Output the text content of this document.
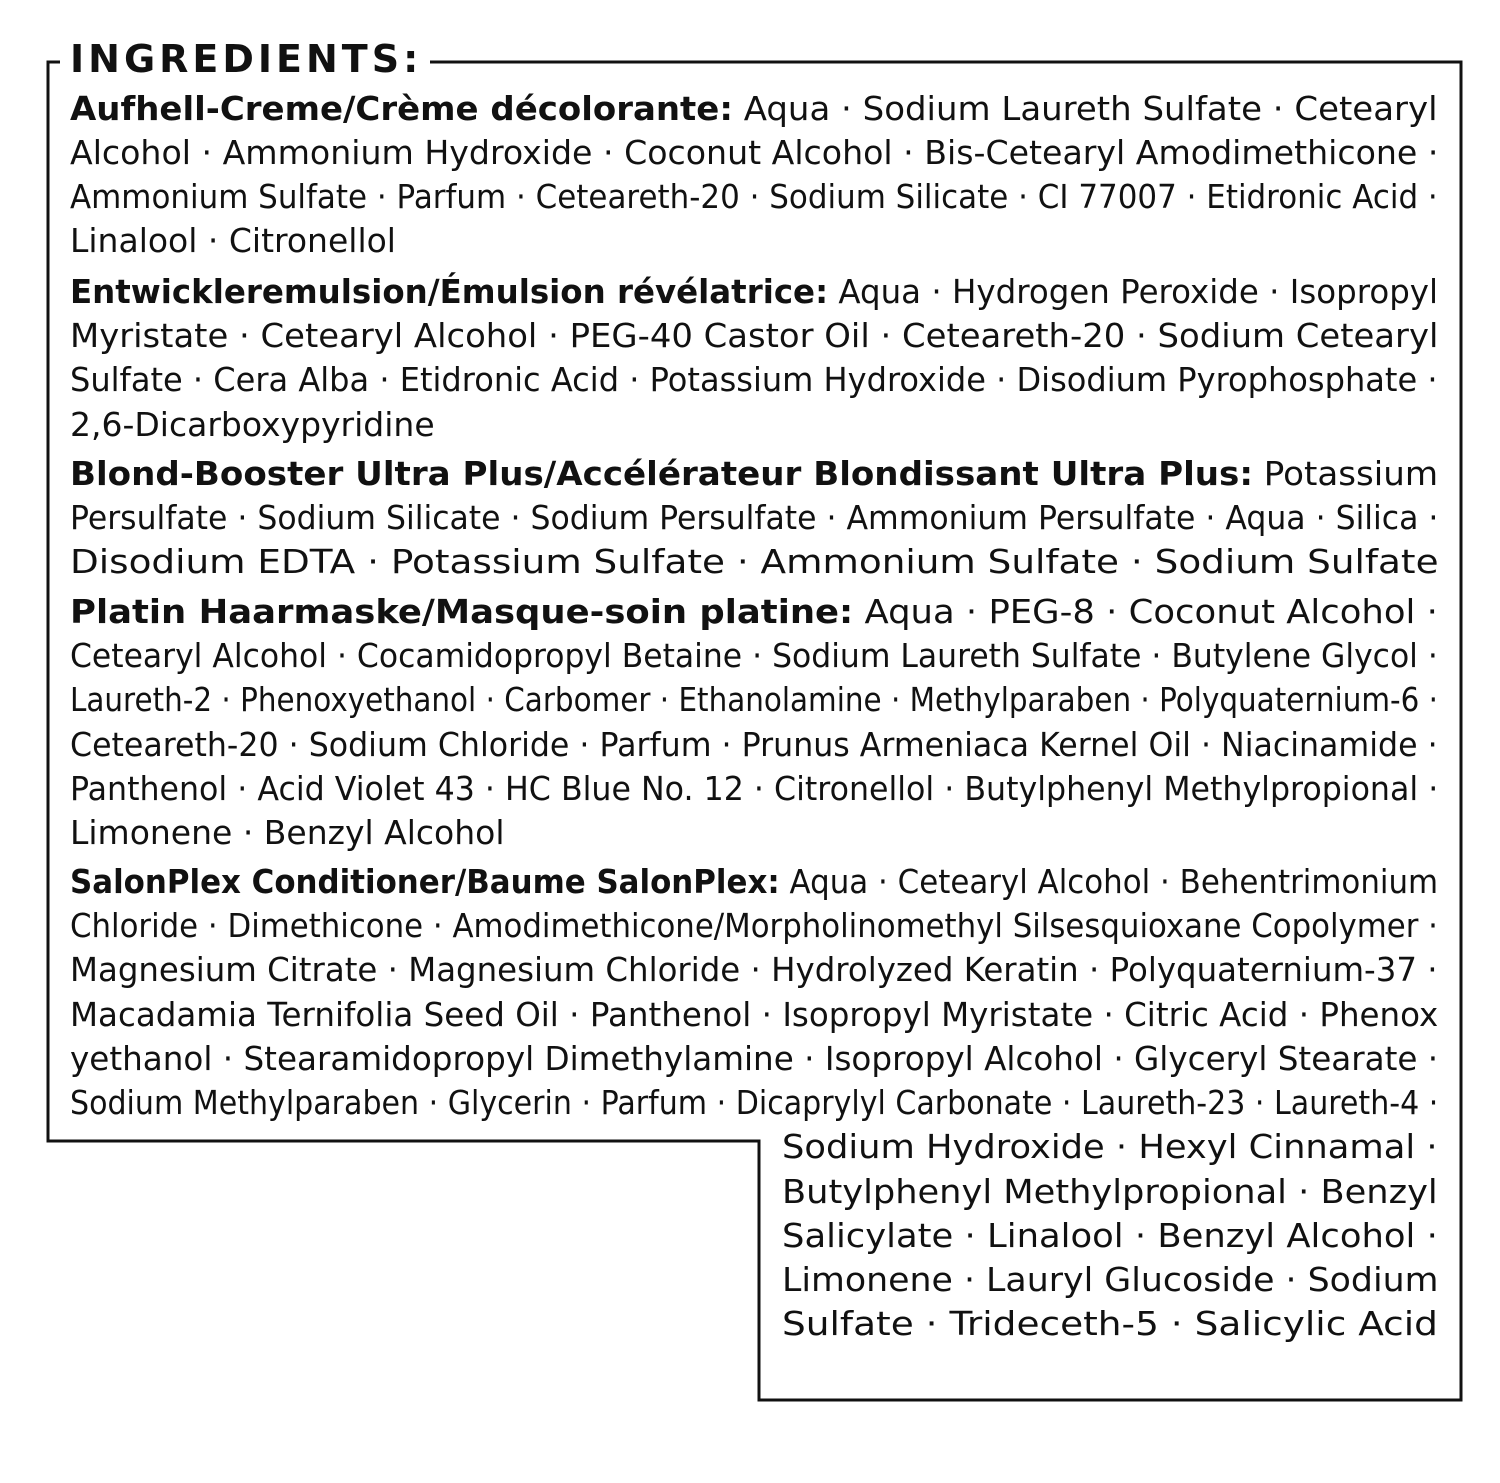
INGREDIENTS:
Aufhell-Creme/Crème décolorante: Aqua · Sodium Laureth Sulfate · Cetearyl
Alcohol · Ammonium Hydroxide · Coconut Alcohol · Bis-Cetearyl Amodimethicone ·
Ammonium Sulfate · Parfum · Ceteareth-20 · Sodium Silicate · CI 77007 · Etidronic Acid ·
Linalool · Citronellol
Entwickleremulsion/Émulsion révélatrice: Aqua · Hydrogen Peroxide · Isopropyl
Myristate · Cetearyl Alcohol · PEG-40 Castor Oil · Ceteareth-20 · Sodium Cetearyl
Sulfate · Cera Alba · Etidronic Acid · Potassium Hydroxide · Disodium Pyrophosphate ·
2,6-Dicarboxypyridine
Blond-Booster Ultra Plus/Accélérateur Blondissant Ultra Plus: Potassium
Persulfate · Sodium Silicate · Sodium Persulfate · Ammonium Persulfate · Aqua · Silica ·
Disodium EDTA · Potassium Sulfate · Ammonium Sulfate · Sodium Sulfate
Platin Haarmaske/Masque-soin platine: Aqua · PEG-8 · Coconut Alcohol ·
Cetearyl Alcohol · Cocamidopropyl Betaine · Sodium Laureth Sulfate · Butylene Glycol ·
Laureth-2 · Phenoxyethanol · Carbomer · Ethanolamine · Methylparaben · Polyquaternium-6 ·
Ceteareth-20 · Sodium Chloride · Parfum · Prunus Armeniaca Kernel Oil · Niacinamide ·
Panthenol · Acid Violet 43 · HC Blue No. 12 · Citronellol · Butylphenyl Methylpropional ·
Limonene · Benzyl Alcohol
SalonPlex Conditioner/Baume SalonPlex: Aqua · Cetearyl Alcohol · Behentrimonium
Chloride · Dimethicone · Amodimethicone/Morpholinomethyl Silsesquioxane Copolymer ·
Magnesium Citrate · Magnesium Chloride · Hydrolyzed Keratin · Polyquaternium-37 ·
Macadamia Ternifolia Seed Oil · Panthenol · Isopropyl Myristate · Citric Acid · Phenox
yethanol · Stearamidopropyl Dimethylamine · Isopropyl Alcohol · Glyceryl Stearate ·
Sodium Methylparaben · Glycerin · Parfum · Dicaprylyl Carbonate · Laureth-23 · Laureth-4 ·
Sodium Hydroxide · Hexyl Cinnamal ·
Butylphenyl Methylpropional · Benzyl
Salicylate · Linalool · Benzyl Alcohol ·
Limonene · Lauryl Glucoside · Sodium
Sulfate · Trideceth-5 · Salicylic Acid
